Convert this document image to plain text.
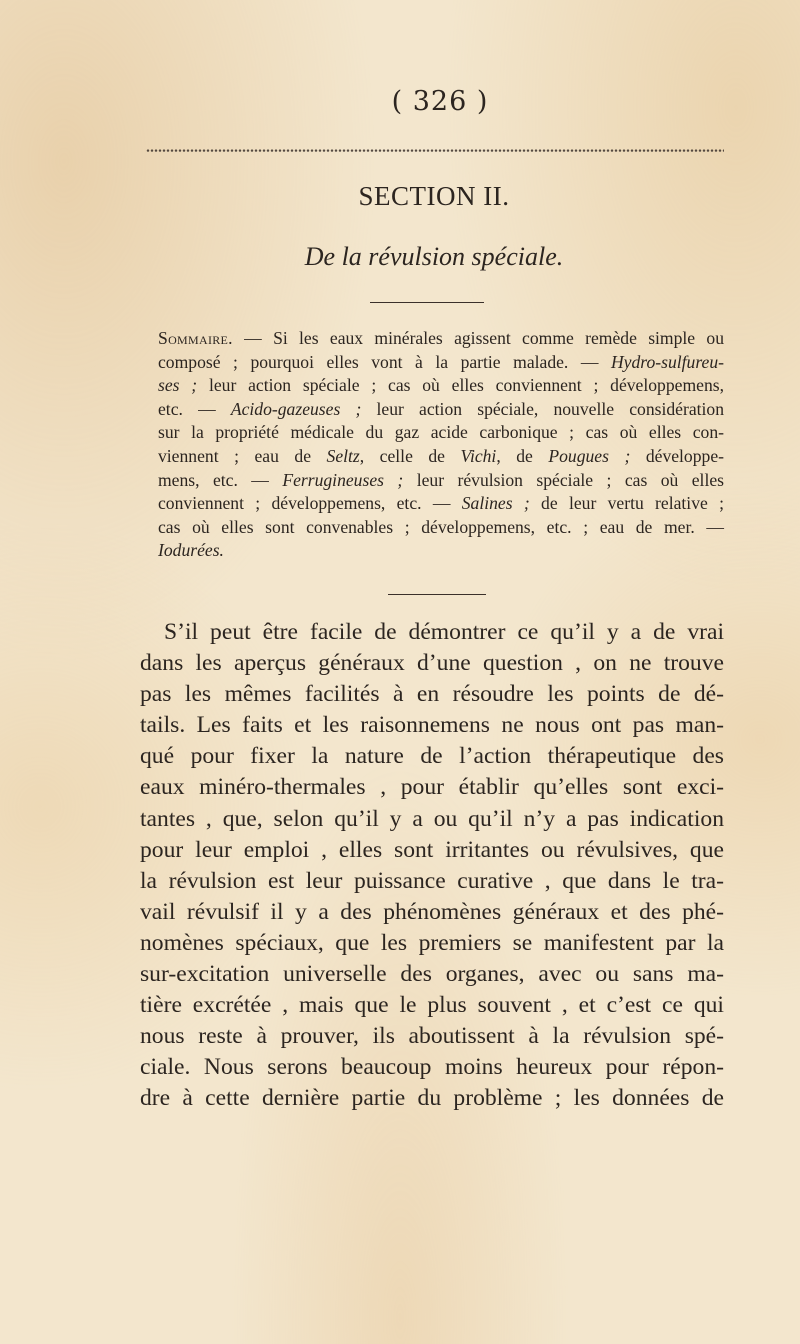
( 326 )
SECTION II.
De la révulsion spéciale.
Sommaire. — Si les eaux minérales agissent comme remède simple ou
composé ; pourquoi elles vont à la partie malade. — Hydro-sulfureu-
ses ; leur action spéciale ; cas où elles conviennent ; développemens,
etc. — Acido-gazeuses ; leur action spéciale, nouvelle considération
sur la propriété médicale du gaz acide carbonique ; cas où elles con-
viennent ; eau de Seltz, celle de Vichi, de Pougues ; développe-
mens, etc. — Ferrugineuses ; leur révulsion spéciale ; cas où elles
conviennent ; développemens, etc. — Salines ; de leur vertu relative ;
cas où elles sont convenables ; développemens, etc. ; eau de mer. —
Iodurées.
S’il peut être facile de démontrer ce qu’il y a de vrai
dans les aperçus généraux d’une question , on ne trouve
pas les mêmes facilités à en résoudre les points de dé-
tails. Les faits et les raisonnemens ne nous ont pas man-
qué pour fixer la nature de l’action thérapeutique des
eaux minéro-thermales , pour établir qu’elles sont exci-
tantes , que, selon qu’il y a ou qu’il n’y a pas indication
pour leur emploi , elles sont irritantes ou révulsives, que
la révulsion est leur puissance curative , que dans le tra-
vail révulsif il y a des phénomènes généraux et des phé-
nomènes spéciaux, que les premiers se manifestent par la
sur-excitation universelle des organes, avec ou sans ma-
tière excrétée , mais que le plus souvent , et c’est ce qui
nous reste à prouver, ils aboutissent à la révulsion spé-
ciale. Nous serons beaucoup moins heureux pour répon-
dre à cette dernière partie du problème ; les données de
